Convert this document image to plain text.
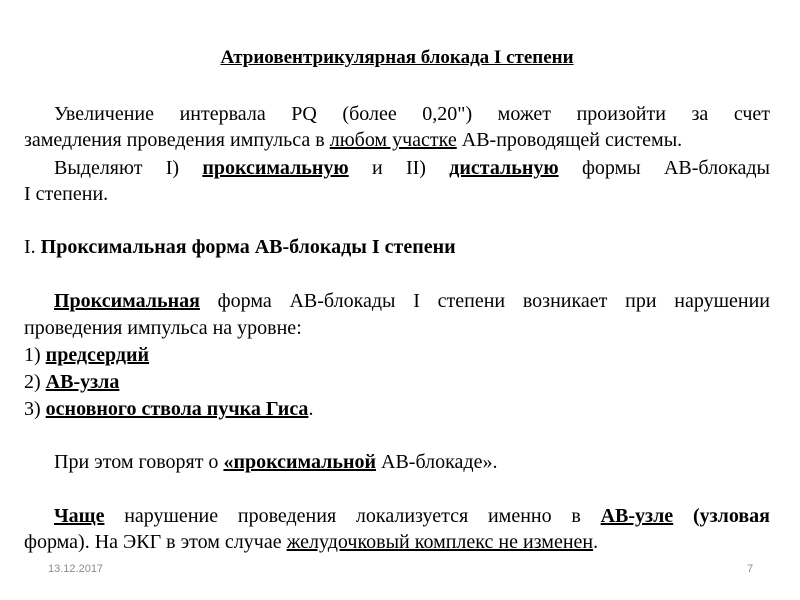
Атриовентрикулярная блокада I степени
Увеличение интервала PQ (более 0,20") может произойти за счет
замедления проведения импульса в любом участке АВ-проводящей системы.
Выделяют I) проксимальную и II) дистальную формы АВ-блокады
I степени.
I. Проксимальная форма АВ-блокады I степени
Проксимальная форма АВ-блокады I степени возникает при нарушении
проведения импульса на уровне:
1) предсердий
2) АВ-узла
3) основного ствола пучка Гиса.
При этом говорят о «проксимальной АВ-блокаде».
Чаще нарушение проведения локализуется именно в АВ-узле (узловая
форма). На ЭКГ в этом случае желудочковый комплекс не изменен.
13.12.2017	7
